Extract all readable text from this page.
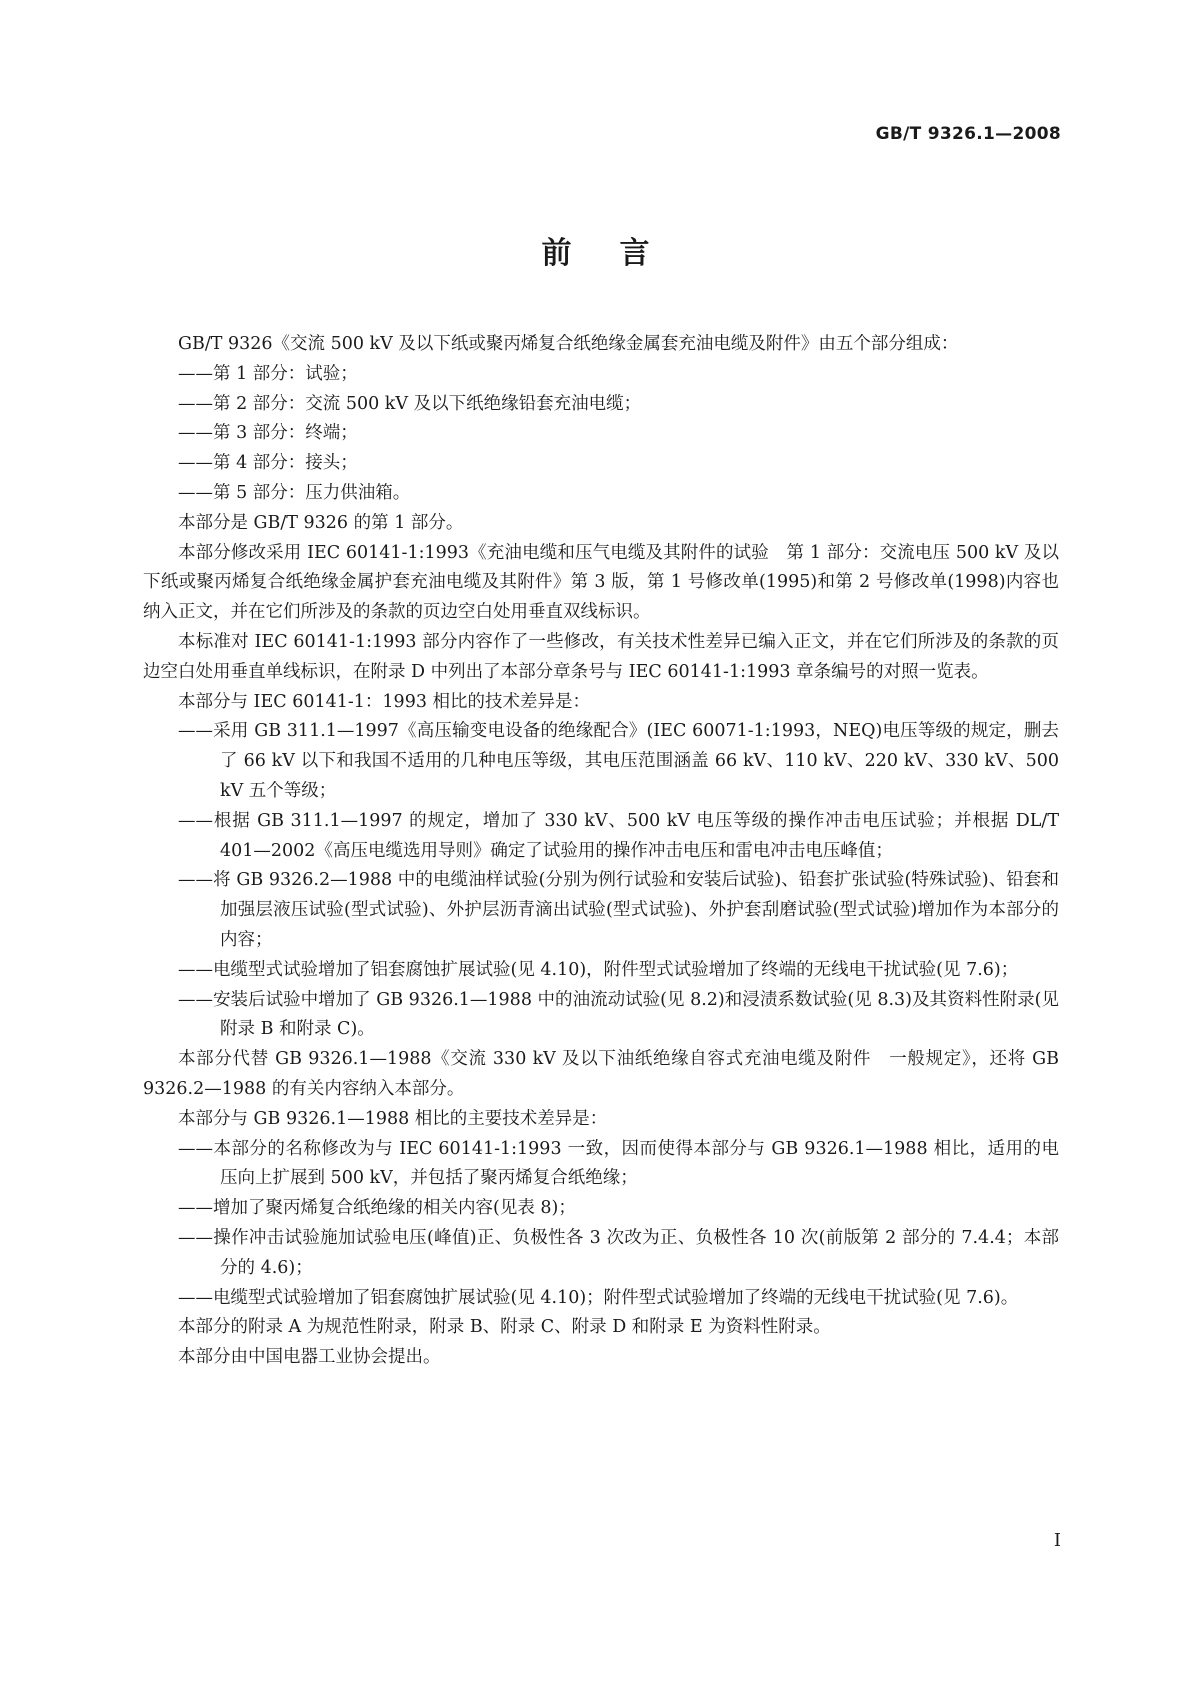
GB/T 9326.1—2008
前言

GB/T 9326《交流 500 kV 及以下纸或聚丙烯复合纸绝缘金属套充油电缆及附件》由五个部分组成：

——第 1 部分：试验；

——第 2 部分：交流 500 kV 及以下纸绝缘铅套充油电缆；

——第 3 部分：终端；

——第 4 部分：接头；

——第 5 部分：压力供油箱。

本部分是 GB/T 9326 的第 1 部分。

本部分修改采用 IEC 60141-1:1993《充油电缆和压气电缆及其附件的试验　第 1 部分：交流电压 500 kV 及以下纸或聚丙烯复合纸绝缘金属护套充油电缆及其附件》第 3 版，第 1 号修改单(1995)和第 2 号修改单(1998)内容也纳入正文，并在它们所涉及的条款的页边空白处用垂直双线标识。

本标准对 IEC 60141-1:1993 部分内容作了一些修改，有关技术性差异已编入正文，并在它们所涉及的条款的页边空白处用垂直单线标识，在附录 D 中列出了本部分章条号与 IEC 60141-1:1993 章条编号的对照一览表。

本部分与 IEC 60141-1：1993 相比的技术差异是：

——采用 GB 311.1—1997《高压输变电设备的绝缘配合》(IEC 60071-1:1993，NEQ)电压等级的规定，删去了 66 kV 以下和我国不适用的几种电压等级，其电压范围涵盖 66 kV、110 kV、220 kV、330 kV、500 kV 五个等级；

——根据 GB 311.1—1997 的规定，增加了 330 kV、500 kV 电压等级的操作冲击电压试验；并根据 DL/T 401—2002《高压电缆选用导则》确定了试验用的操作冲击电压和雷电冲击电压峰值；

——将 GB 9326.2—1988 中的电缆油样试验(分别为例行试验和安装后试验)、铅套扩张试验(特殊试验)、铅套和加强层液压试验(型式试验)、外护层沥青滴出试验(型式试验)、外护套刮磨试验(型式试验)增加作为本部分的内容；

——电缆型式试验增加了铝套腐蚀扩展试验(见 4.10)，附件型式试验增加了终端的无线电干扰试验(见 7.6)；

——安装后试验中增加了 GB 9326.1—1988 中的油流动试验(见 8.2)和浸渍系数试验(见 8.3)及其资料性附录(见附录 B 和附录 C)。

本部分代替 GB 9326.1—1988《交流 330 kV 及以下油纸绝缘自容式充油电缆及附件　一般规定》，还将 GB 9326.2—1988 的有关内容纳入本部分。

本部分与 GB 9326.1—1988 相比的主要技术差异是：

——本部分的名称修改为与 IEC 60141-1:1993 一致，因而使得本部分与 GB 9326.1—1988 相比，适用的电压向上扩展到 500 kV，并包括了聚丙烯复合纸绝缘；

——增加了聚丙烯复合纸绝缘的相关内容(见表 8)；

——操作冲击试验施加试验电压(峰值)正、负极性各 3 次改为正、负极性各 10 次(前版第 2 部分的 7.4.4；本部分的 4.6)；

——电缆型式试验增加了铝套腐蚀扩展试验(见 4.10)；附件型式试验增加了终端的无线电干扰试验(见 7.6)。

本部分的附录 A 为规范性附录，附录 B、附录 C、附录 D 和附录 E 为资料性附录。

本部分由中国电器工业协会提出。

I
